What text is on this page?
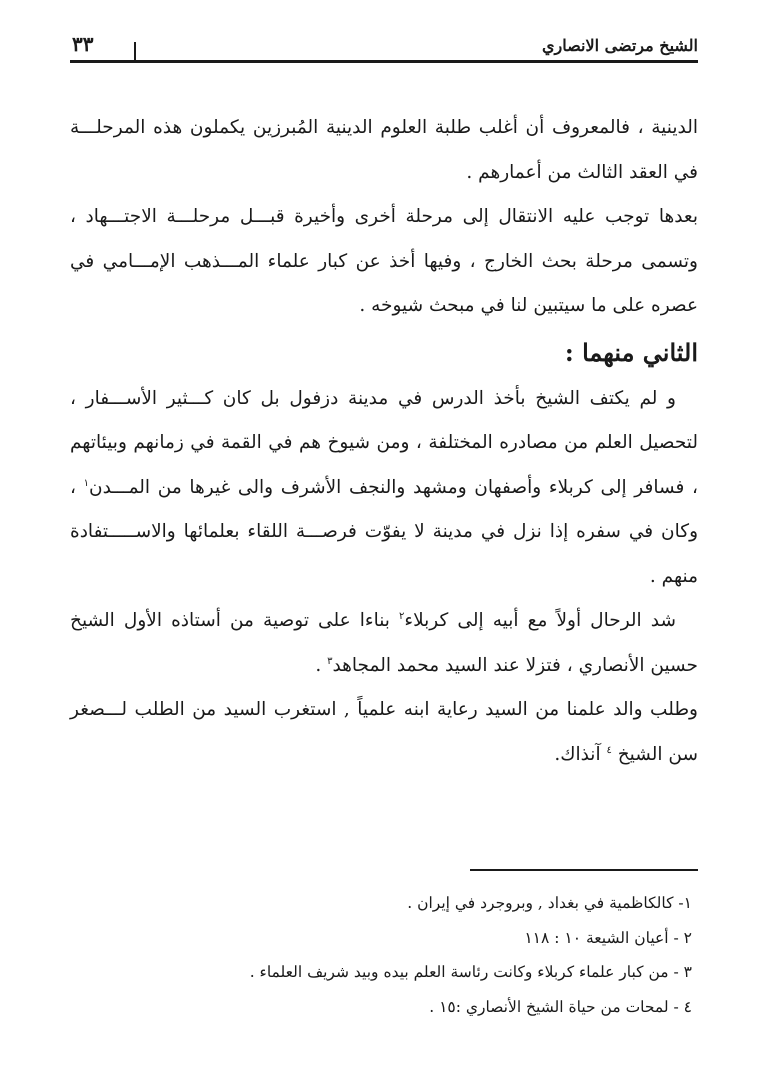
الشيخ مرتضى الانصاري
٣٣

الدينية ، فالمعروف أن أغلب طلبة العلوم الدينية المُبرزين يكملون هذه المرحلـــة في العقد الثالث من أعمارهم .

بعدها توجب عليه الانتقال إلى مرحلة أخرى وأخيرة قبـــل مرحلـــة الاجتـــهاد ، وتسمى مرحلة بحث الخارج ، وفيها أخذ عن كبار علماء المـــذهب الإمـــامي في عصره على ما سيتبين لنا في مبحث شيوخه .

الثاني منهما :

و لم يكتف الشيخ بأخذ الدرس في مدينة دزفول بل كان كـــثير الأســـفار ، لتحصيل العلم من مصادره المختلفة ، ومن شيوخ هم في القمة في زمانهم وبيئاتهم ، فسافر إلى كربلاء وأصفهان ومشهد والنجف الأشرف والى غيرها من المـــدن$^١$ ، وكان في سفره إذا نزل في مدينة لا يفوّت فرصـــة اللقاء بعلمائها والاســـــتفادة منهم .

شد الرحال أولاً مع أبيه إلى كربلاء$^٢$ بناءا على توصية من أستاذه الأول الشيخ حسين الأنصاري ، فتزلا عند السيد محمد المجاهد$^٣$ .

وطلب والد علمنا من السيد رعاية ابنه علمياً , استغرب السيد من الطلب لـــصغر سن الشيخ $^٤$ آنذاك.

١- كالكاظمية في بغداد , وبروجرد في إيران .
٢ - أعيان الشيعة ١٠ : ١١٨
٣ - من كبار علماء كربلاء وكانت رئاسة العلم بيده وبيد شريف العلماء .
٤ - لمحات من حياة الشيخ الأنصاري :١٥ .
